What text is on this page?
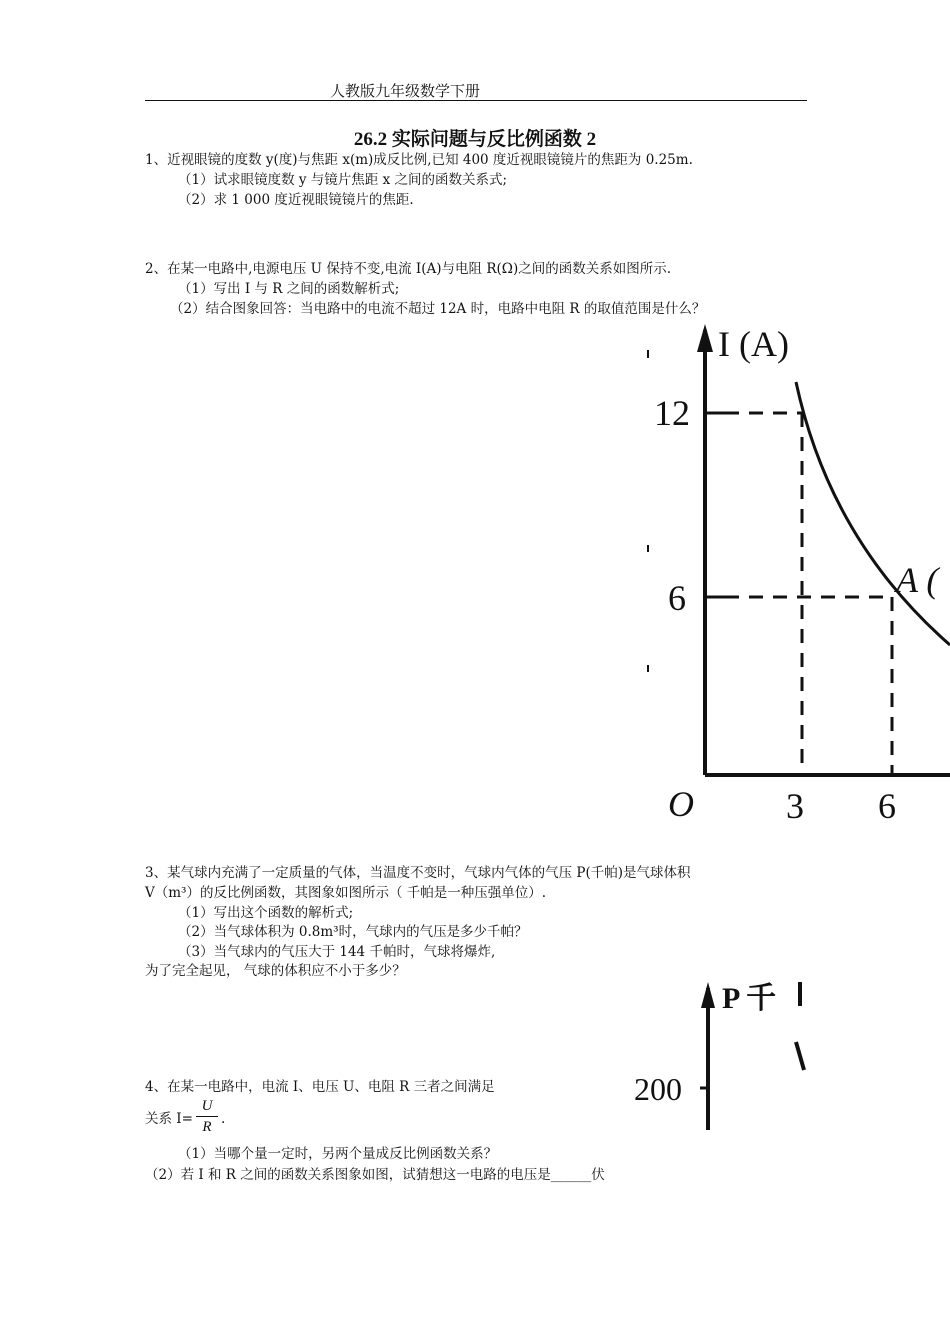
人教版九年级数学下册
26.2 实际问题与反比例函数 2
1、近视眼镜的度数 y(度)与焦距 x(m)成反比例,已知 400 度近视眼镜镜片的焦距为 0.25m.
（1）试求眼镜度数 y 与镜片焦距 x 之间的函数关系式;
（2）求 1 000 度近视眼镜镜片的焦距.
2、在某一电路中,电源电压 U 保持不变,电流 I(A)与电阻 R(Ω)之间的函数关系如图所示.
（1）写出 I 与 R 之间的函数解析式;
（2）结合图象回答：当电路中的电流不超过 12A 时，电路中电阻 R 的取值范围是什么？
I (A)
12
6
O	3 6
A (
3、某气球内充满了一定质量的气体，当温度不变时，气球内气体的气压 P(千帕)是气球体积
V（m³）的反比例函数，其图象如图所示（ 千帕是一种压强单位）.
（1）写出这个函数的解析式;
（2）当气球体积为 0.8m³时，气球内的气压是多少千帕？
（3）当气球内的气压大于 144 千帕时，气球将爆炸,
为了完全起见， 气球的体积应不小于多少？
P 千
200
4、在某一电路中，电流 I、电压 U、电阻 R 三者之间满足
关系 I=
U
R .
（1）当哪个量一定时，另两个量成反比例函数关系？
（2）若 I 和 R 之间的函数关系图象如图，试猜想这一电路的电压是______伏
